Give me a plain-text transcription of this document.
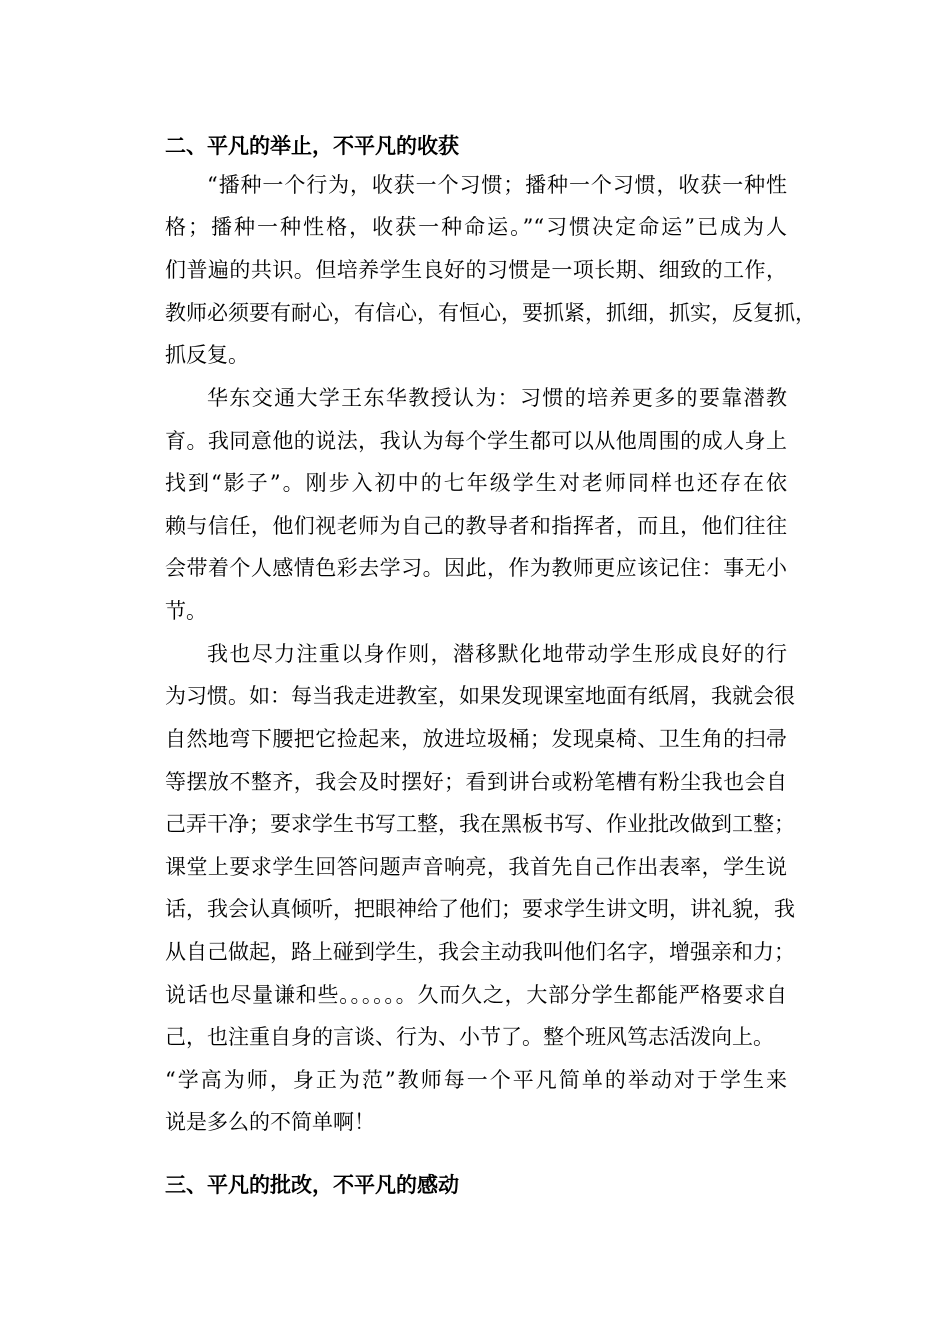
二、平凡的举止，不平凡的收获
“播种一个行为，收获一个习惯；播种一个习惯，收获一种性
格；播种一种性格，收获一种命运。”“习惯决定命运”已成为人
们普遍的共识。但培养学生良好的习惯是一项长期、细致的工作，
教师必须要有耐心，有信心，有恒心，要抓紧，抓细，抓实，反复抓，
抓反复。
华东交通大学王东华教授认为：习惯的培养更多的要靠潜教
育。我同意他的说法，我认为每个学生都可以从他周围的成人身上
找到“影子”。刚步入初中的七年级学生对老师同样也还存在依
赖与信任，他们视老师为自己的教导者和指挥者，而且，他们往往
会带着个人感情色彩去学习。因此，作为教师更应该记住：事无小
节。
我也尽力注重以身作则，潜移默化地带动学生形成良好的行
为习惯。如：每当我走进教室，如果发现课室地面有纸屑，我就会很
自然地弯下腰把它捡起来，放进垃圾桶；发现桌椅、卫生角的扫帚
等摆放不整齐，我会及时摆好；看到讲台或粉笔槽有粉尘我也会自
己弄干净；要求学生书写工整，我在黑板书写、作业批改做到工整；
课堂上要求学生回答问题声音响亮，我首先自己作出表率，学生说
话，我会认真倾听，把眼神给了他们；要求学生讲文明，讲礼貌，我
从自己做起，路上碰到学生，我会主动我叫他们名字，增强亲和力；
说话也尽量谦和些。。。。。。久而久之，大部分学生都能严格要求自
己，也注重自身的言谈、行为、小节了。整个班风笃志活泼向上。
“学高为师，身正为范”教师每一个平凡简单的举动对于学生来
说是多么的不简单啊！
三、平凡的批改，不平凡的感动
